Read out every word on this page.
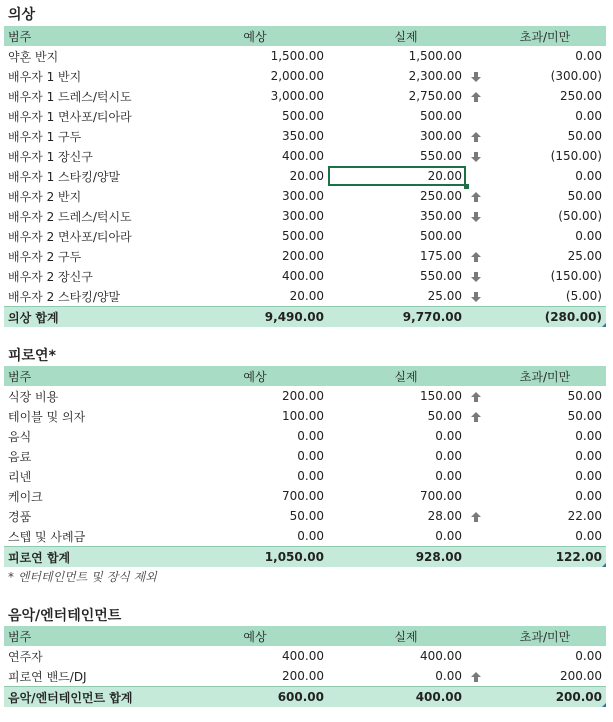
의상
범주	예상	실제		초과/미만
약혼 반지	1,500.00	1,500.00		0.00
배우자 1 반지	2,000.00	2,300.00		(300.00)
배우자 1 드레스/턱시도	3,000.00	2,750.00		250.00
배우자 1 면사포/티아라	500.00	500.00		0.00
배우자 1 구두	350.00	300.00		50.00
배우자 1 장신구	400.00	550.00		(150.00)
배우자 1 스타킹/양말	20.00	20.00		0.00
배우자 2 반지	300.00	250.00		50.00
배우자 2 드레스/턱시도	300.00	350.00		(50.00)
배우자 2 면사포/티아라	500.00	500.00		0.00
배우자 2 구두	200.00	175.00		25.00
배우자 2 장신구	400.00	550.00		(150.00)
배우자 2 스타킹/양말	20.00	25.00		(5.00)
의상 합계	9,490.00	9,770.00		(280.00)
피로연*
범주	예상	실제		초과/미만
식장 비용	200.00	150.00		50.00
테이블 및 의자	100.00	50.00		50.00
음식	0.00	0.00		0.00
음료	0.00	0.00		0.00
리넨	0.00	0.00		0.00
케이크	700.00	700.00		0.00
경품	50.00	28.00		22.00
스텝 및 사례금	0.00	0.00		0.00
피로연 합계	1,050.00	928.00		122.00
* 엔터테인먼트 및 장식 제외
음악/엔터테인먼트
범주	예상	실제		초과/미만
연주자	400.00	400.00		0.00
피로연 밴드/DJ	200.00	0.00		200.00
음악/엔터테인먼트 합계	600.00	400.00		200.00
